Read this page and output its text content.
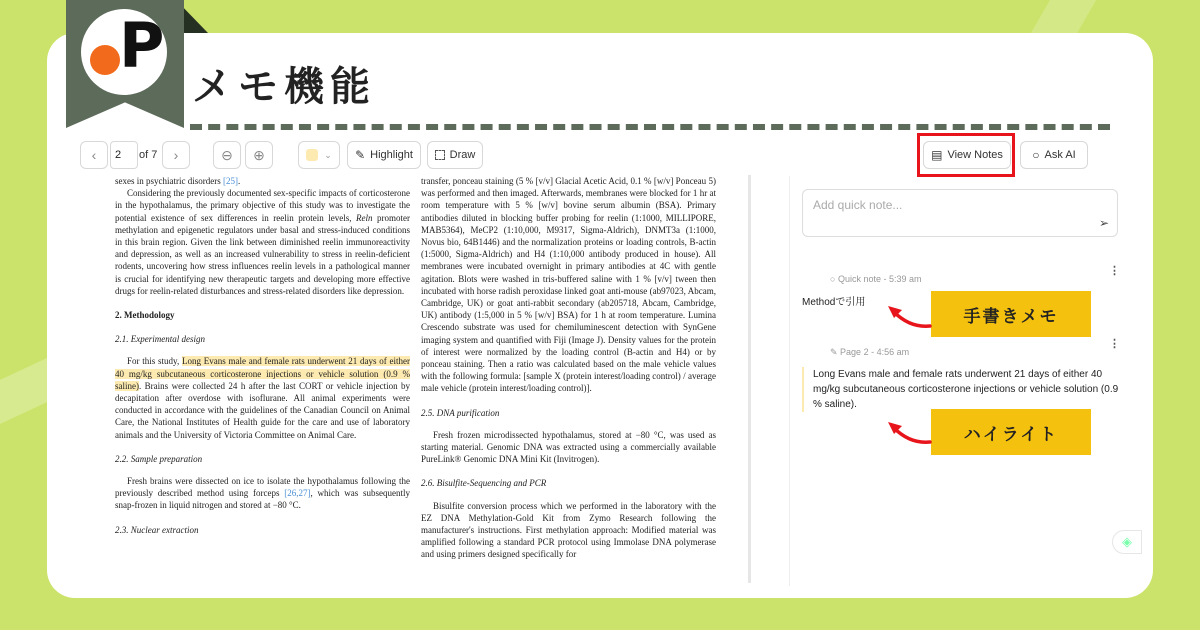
P
メモ機能
‹	2	of 7 ›	⊖ ⊕	⌄ ✎ Highlight	Draw	▤ View Notes ○ Ask AI

sexes in psychiatric disorders [25].

Considering the previously documented sex-specific impacts of corticosterone in the hypothalamus, the primary objective of this study was to investigate the potential existence of sex differences in reelin protein levels, Reln promoter methylation and epigenetic regulators under basal and stress-induced conditions in this brain region. Given the link between diminished reelin immunoreactivity and depression, as well as an increased vulnerability to stress in reelin-deficient rodents, uncovering how stress influences reelin levels in a pathological manner is crucial for identifying new therapeutic targets and developing more effective drugs for reelin-related disturbances and stress-related disorders like depression.

2. Methodology
2.1. Experimental design

For this study, Long Evans male and female rats underwent 21 days of either 40 mg/kg subcutaneous corticosterone injections or vehicle solution (0.9 % saline). Brains were collected 24 h after the last CORT or vehicle injection by decapitation after overdose with isoflurane. All animal experiments were conducted in accordance with the guidelines of the Canadian Council on Animal Care, the National Institutes of Health guide for the care and use of laboratory animals and the University of Victoria Committee on Animal Care.

2.2. Sample preparation

Fresh brains were dissected on ice to isolate the hypothalamus following the previously described method using forceps [26,27], which was subsequently snap-frozen in liquid nitrogen and stored at −80 °C.

2.3. Nuclear extraction

transfer, ponceau staining (5 % [v/v] Glacial Acetic Acid, 0.1 % [w/v] Ponceau 5) was performed and then imaged. Afterwards, membranes were blocked for 1 hr at room temperature with 5 % [w/v] bovine serum albumin (BSA). Primary antibodies diluted in blocking buffer probing for reelin (1:1000, MILLIPORE, MAB5364), MeCP2 (1:10,000, M9317, Sigma-Aldrich), DNMT3a (1:1000, Novus bio, 64B1446) and the normalization proteins or loading controls, B-actin (1:5000, Sigma-Aldrich) and H4 (1:10,000 antibody produced in house). All membranes were incubated overnight in primary antibodies at 4C with gentle agitation. Blots were washed in tris-buffered saline with 1 % [v/v] tween then incubated with horse radish peroxidase linked goat anti-mouse (ab97023, Abcam, Cambridge, UK) or goat anti-rabbit secondary (ab205718, Abcam, Cambridge, UK) antibody (1:5,000 in 5 % [w/v] BSA) for 1 h at room temperature. Lumina Crescendo substrate was used for chemiluminescent detection with SynGene imaging system and quantified with Fiji (Image J). Density values for the protein of interest were normalized by the loading control (B-actin and H4) or by ponceau staining. Then a ratio was calculated based on the male vehicle values with the following formula: [sample X (protein interest/loading control) / average male vehicle (protein interest/loading control)].

2.5. DNA purification

Fresh frozen microdissected hypothalamus, stored at −80 °C, was used as starting material. Genomic DNA was extracted using a commercially available PureLink® Genomic DNA Mini Kit (Invitrogen).

2.6. Bisulfite-Sequencing and PCR

Bisulfite conversion process which we performed in the laboratory with the EZ DNA Methylation-Gold Kit from Zymo Research following the manufacturer's instructions. First methylation approach: Modified material was amplified following a standard PCR protocol using Immolase DNA polymerase and using primers designed specifically for

Add quick note...
➢
○ Quick note - 5:39 am
⋮
Methodで引用
✎ Page 2 - 4:56 am
⋮
Long Evans male and female rats underwent 21 days of either 40 mg/kg subcutaneous corticosterone injections or vehicle solution (0.9 % saline).
手書きメモ
ハイライト
◈
